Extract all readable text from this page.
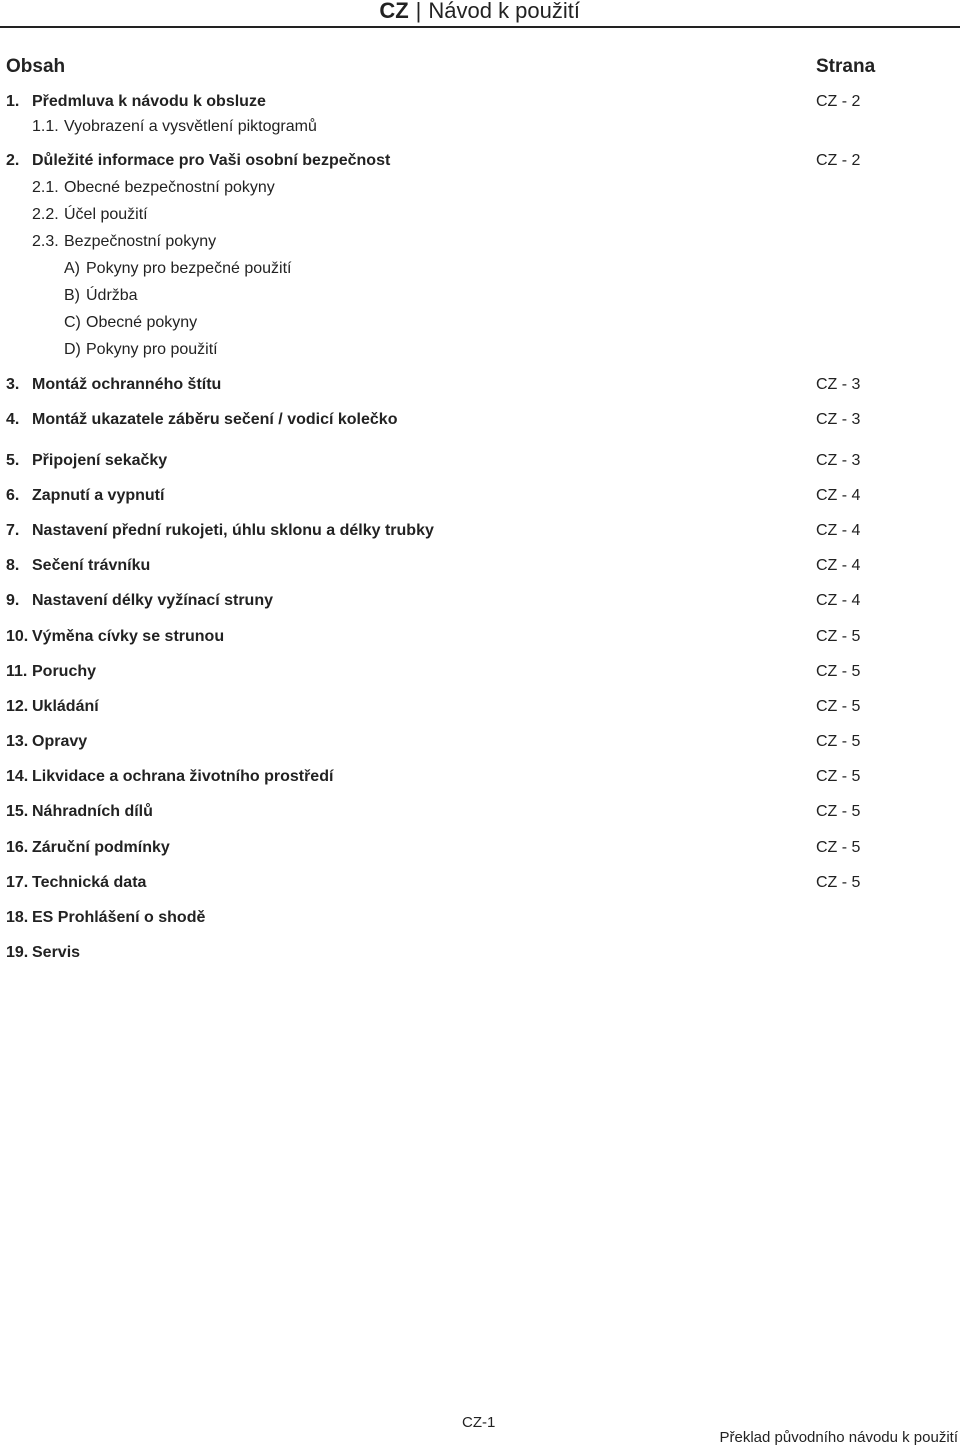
CZ | Návod k použití
Obsah	Strana
1. Předmluva k návodu k obsluze	CZ - 2
1.1. Vyobrazení a vysvětlení piktogramů
2. Důležité informace pro Vaši osobní bezpečnost	CZ - 2
2.1. Obecné bezpečnostní pokyny
2.2. Účel použití
2.3. Bezpečnostní pokyny
A) Pokyny pro bezpečné použití
B) Údržba
C) Obecné pokyny
D) Pokyny pro použití
3. Montáž ochranného štítu	CZ - 3
4. Montáž ukazatele záběru sečení / vodicí kolečko	CZ - 3
5. Připojení sekačky	CZ - 3
6. Zapnutí a vypnutí	CZ - 4
7. Nastavení přední rukojeti, úhlu sklonu a délky trubky	CZ - 4
8. Sečení trávníku	CZ - 4
9. Nastavení délky vyžínací struny	CZ - 4
10. Výměna cívky se strunou	CZ - 5
11. Poruchy	CZ - 5
12. Ukládání	CZ - 5
13. Opravy	CZ - 5
14. Likvidace a ochrana životního prostředí	CZ - 5
15. Náhradních dílů	CZ - 5
16. Záruční podmínky	CZ - 5
17. Technická data	CZ - 5
18. ES Prohlášení o shodě
19. Servis
CZ-1
Překlad původního návodu k použití
